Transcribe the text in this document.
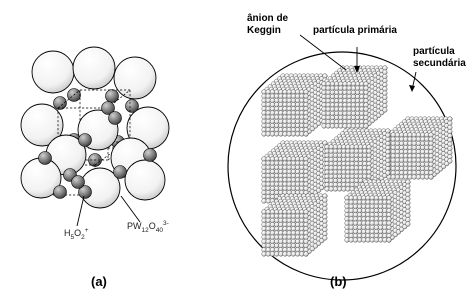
$H_5O_2^+$	$PW_{12}O_{40}^{3-}$
(a)
ânion de
Keggin	partícula primária
partícula
secundária
(b)
